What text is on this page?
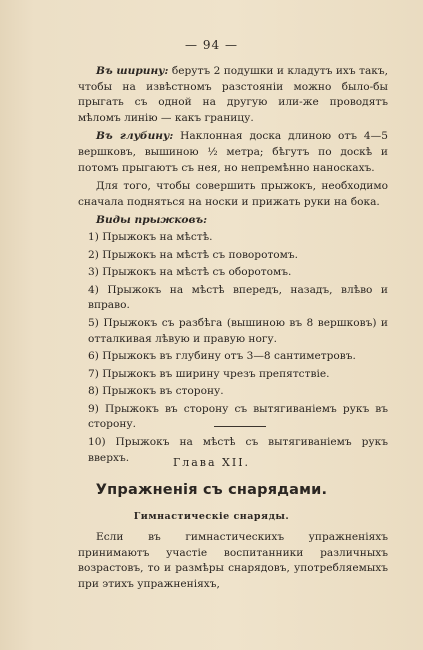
— 94 —

Въ ширину: берутъ 2 подушки и кладутъ ихъ такъ, чтобы на извѣстномъ разстояніи можно было-бы прыгать съ одной на другую или-же проводятъ мѣломъ линію — какъ границу.

Въ глубину: Наклонная доска длиною отъ 4—5 вершковъ, вышиною ½ метра; бѣгутъ по доскѣ и потомъ прыгаютъ съ нея, но непремѣнно наноскахъ.

Для того, чтобы совершить прыжокъ, необходимо сначала подняться на носки и прижать руки на бока.

Виды прыжковъ:
1) Прыжокъ на мѣстѣ.
2) Прыжокъ на мѣстѣ съ поворотомъ.
3) Прыжокъ на мѣстѣ съ оборотомъ.
4) Прыжокъ на мѣстѣ впередъ, назадъ, влѣво и вправо.
5) Прыжокъ съ разбѣга (вышиною въ 8 вершковъ) и отталкивая лѣвую и правую ногу.
6) Прыжокъ въ глубину отъ 3—8 сантиметровъ.
7) Прыжокъ въ ширину чрезъ препятствіе.
8) Прыжокъ въ сторону.
9) Прыжокъ въ сторону съ вытягиваніемъ рукъ въ сторону.
10) Прыжокъ на мѣстѣ съ вытягиваніемъ рукъ вверхъ.	Глава XII.
Упражненія съ снарядами.
Гимнастическіе снаряды.

Если въ гимнастическихъ упражненіяхъ принимаютъ участіе воспитанники различныхъ возрастовъ, то и размѣры снарядовъ, употребляемыхъ при этихъ упражненіяхъ,
